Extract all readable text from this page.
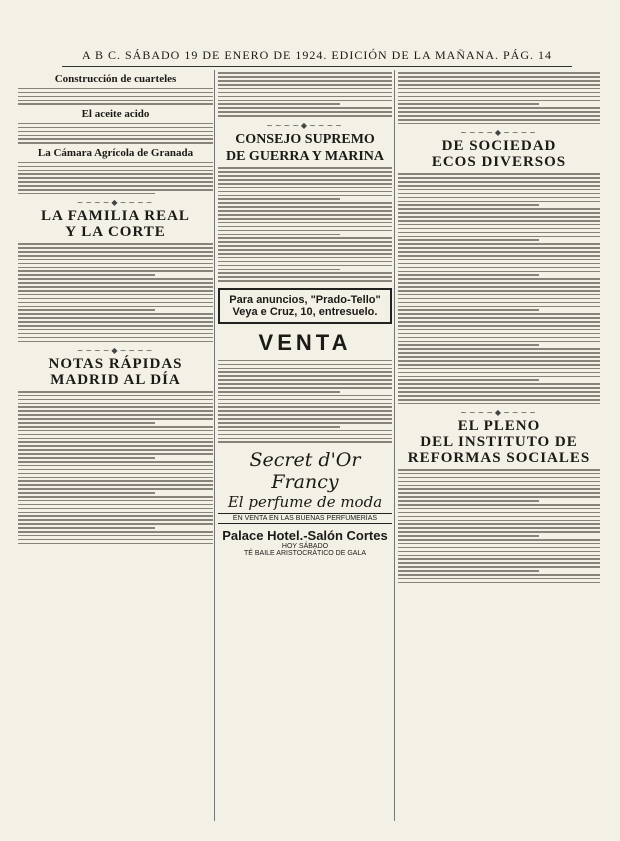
A B C. SÁBADO 19 DE ENERO DE 1924. EDICIÓN DE LA MAÑANA. PÁG. 14
Construcción de cuarteles
El aceite acido
La Cámara Agrícola de Granada
~~~~◆~~~~
LA FAMILIA REAL
Y LA CORTE
~~~~◆~~~~
NOTAS RÁPIDAS
MADRID AL DÍA
~~~~◆~~~~
CONSEJO SUPREMO
DE GUERRA Y MARINA
Para anuncios, "Prado-Tello"
Veya e Cruz, 10, entresuelo.
VENTA
Secret d'Or Francy
El perfume de moda
EN VENTA EN LAS BUENAS PERFUMERÍAS
Palace Hotel.-Salón Cortes
HOY SÁBADO
TÉ BAILE ARISTOCRÁTICO DE GALA
~~~~◆~~~~
DE SOCIEDAD
ECOS DIVERSOS
~~~~◆~~~~
EL PLENO
DEL INSTITUTO DE
REFORMAS SOCIALES
